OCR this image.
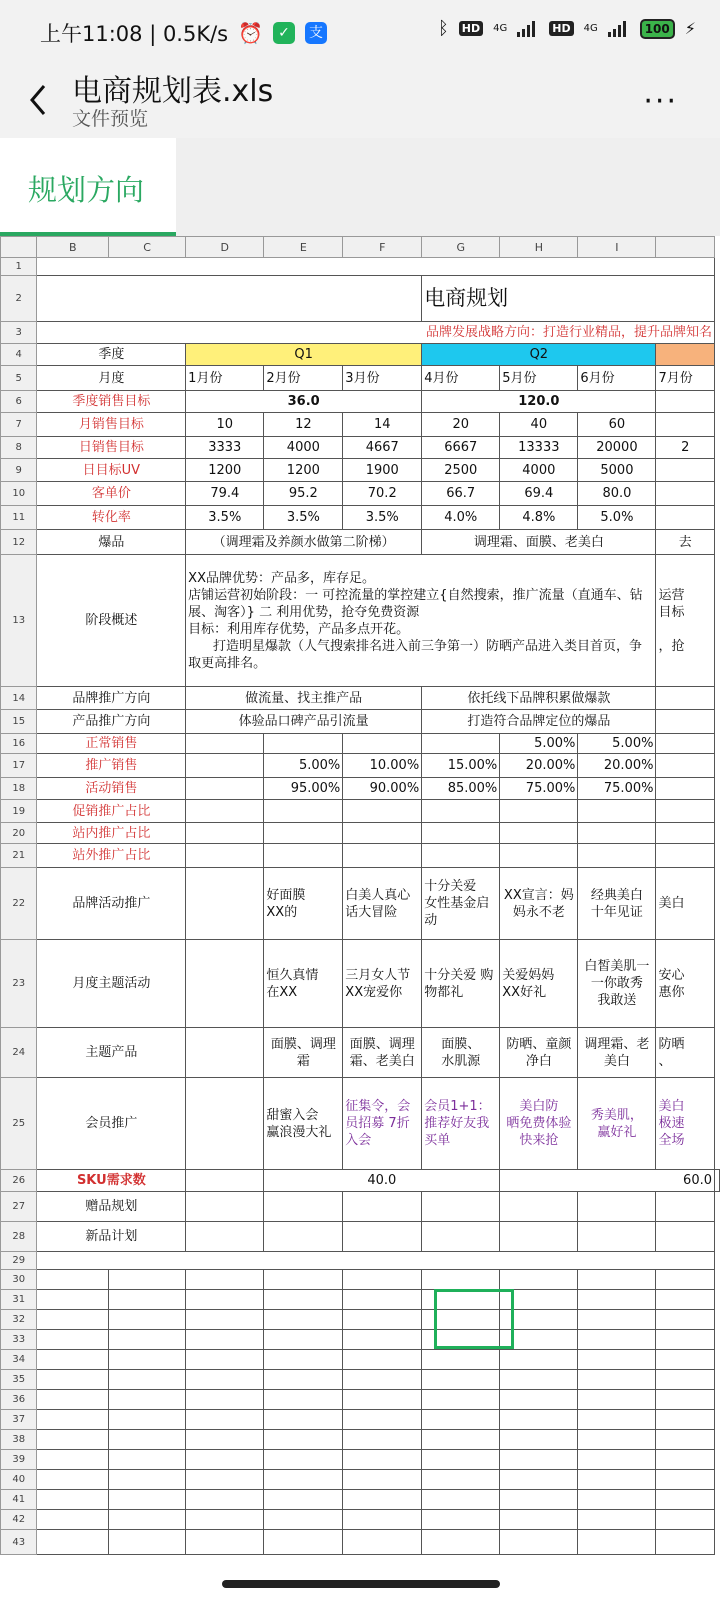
上午11:08 | 0.5K/s ⏰	✓	支	ᛒ HD	4G	HD	4G	100 ⚡
电商规划表.xls
文件预览	···
规划方向
	B	C	D	E	F	G	H	I		
1										
2						电商规划				
3	品牌发展战略方向：打造行业精品，提升品牌知名									
4	季度		Q1			Q2				
5	月度		1月份	2月份	3月份	4月份	5月份	6月份	7月份	
6	季度销售目标		36.0			120.0				
7	月销售目标		10	12	14	20	40	60		
8	日销售目标		3333	4000	4667	6667	13333	20000	2	
9	日目标UV		1200	1200	1900	2500	4000	5000		
10	客单价		79.4	95.2	70.2	66.7	69.4	80.0		
11	转化率		3.5%	3.5%	3.5%	4.0%	4.8%	5.0%		
12	爆品		（调理霜及养颜水做第二阶梯）			调理霜、面膜、老美白			去	
13	阶段概述		XX品牌优势：产品多，库存足。
店铺运营初始阶段：一 可控流量的掌控建立{自然搜索，推广流量（直通车、钻展、淘客）} 二 利用优势，抢夺免费资源
目标：利用库存优势，产品多点开花。
打造明星爆款（人气搜索排名进入前三争第一）防晒产品进入类目首页，争取更高排名。						运营
目标

，抢	
14	品牌推广方向		做流量、找主推产品			依托线下品牌积累做爆款				
15	产品推广方向		体验品口碑产品引流量			打造符合品牌定位的爆品				
16	正常销售						5.00%	5.00%		
17	推广销售			5.00%	10.00%	15.00%	20.00%	20.00%		
18	活动销售			95.00%	90.00%	85.00%	75.00%	75.00%		
19	促销推广占比									
20	站内推广占比									
21	站外推广占比									
22	品牌活动推广			好面膜
XX的	白美人真心
话大冒险	十分关爱
女性基金启
动	XX宣言：妈
妈永不老	经典美白
十年见证	美白	
23	月度主题活动			恒久真情
在XX	三月女人节
XX宠爱你	十分关爱 购
物都礼	关爱妈妈
XX好礼	白皙美肌一
一你敢秀
我敢送	安心
惠你	
24	主题产品			面膜、调理
霜	面膜、调理
霜、老美白	面膜、
水肌源	防晒、童颜
净白	调理霜、老
美白	防晒
、	
25	会员推广			甜蜜入会
赢浪漫大礼	征集令，会
员招募 7折
入会	会员1+1：
推荐好友我
买单	美白防
晒免费体验
快来抢	秀美肌，
赢好礼	美白
极速
全场	
26	SKU需求数			40.0			60.0			
27	赠品规划									
28	新品计划									
29										
30										
31										
32										
33										
34										
35										
36										
37										
38										
39										
40										
41										
42										
43										
